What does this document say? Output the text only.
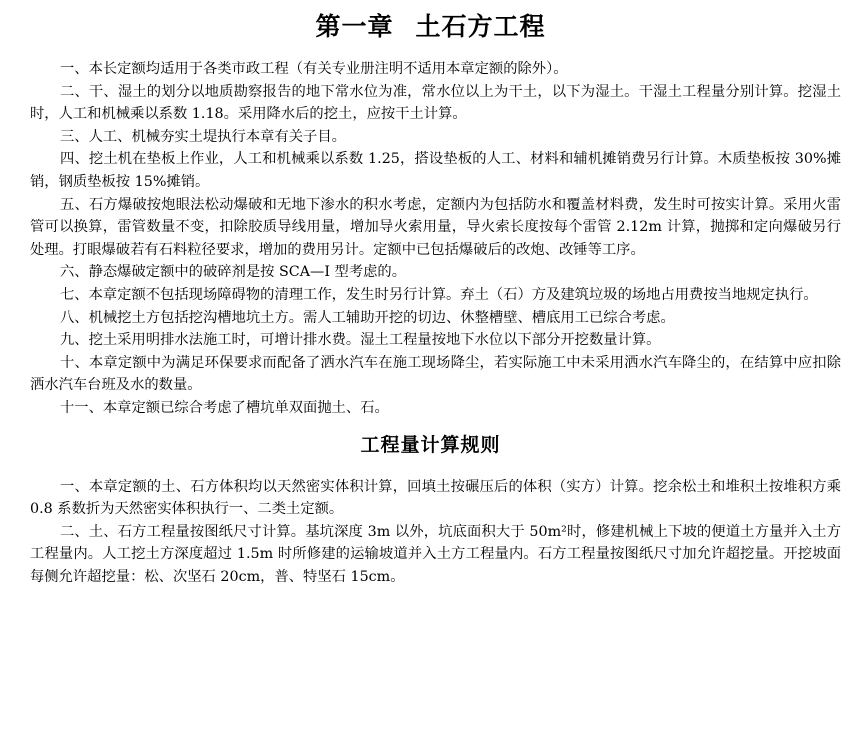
第一章 土石方工程

一、本长定额均适用于各类市政工程（有关专业册注明不适用本章定额的除外）。

二、干、湿土的划分以地质勘察报告的地下常水位为准，常水位以上为干土，以下为湿土。干湿土工程量分别计算。挖湿土时，人工和机械乘以系数 1.18。采用降水后的挖土，应按干土计算。

三、人工、机械夯实土堤执行本章有关子目。

四、挖土机在垫板上作业，人工和机械乘以系数 1.25，搭设垫板的人工、材料和辅机摊销费另行计算。木质垫板按 30%摊销，钢质垫板按 15%摊销。

五、石方爆破按炮眼法松动爆破和无地下渗水的积水考虑，定额内为包括防水和覆盖材料费，发生时可按实计算。采用火雷管可以换算，雷管数量不变，扣除胶质导线用量，增加导火索用量，导火索长度按每个雷管 2.12m 计算，抛掷和定向爆破另行处理。打眼爆破若有石料粒径要求，增加的费用另计。定额中已包括爆破后的改炮、改锤等工序。

六、静态爆破定额中的破碎剂是按 SCA—I 型考虑的。

七、本章定额不包括现场障碍物的清理工作，发生时另行计算。弃土（石）方及建筑垃圾的场地占用费按当地规定执行。

八、机械挖土方包括挖沟槽地坑土方。需人工辅助开挖的切边、休整槽壁、槽底用工已综合考虑。

九、挖土采用明排水法施工时，可增计排水费。湿土工程量按地下水位以下部分开挖数量计算。

十、本章定额中为满足环保要求而配备了洒水汽车在施工现场降尘，若实际施工中未采用洒水汽车降尘的，在结算中应扣除洒水汽车台班及水的数量。

十一、本章定额已综合考虑了槽坑单双面抛土、石。

工程量计算规则

一、本章定额的土、石方体积均以天然密实体积计算，回填土按碾压后的体积（实方）计算。挖余松土和堆积土按堆积方乘 0.8 系数折为天然密实体积执行一、二类土定额。

二、土、石方工程量按图纸尺寸计算。基坑深度 3m 以外，坑底面积大于 50m²时，修建机械上下坡的便道土方量并入土方工程量内。人工挖土方深度超过 1.5m 时所修建的运输坡道并入土方工程量内。石方工程量按图纸尺寸加允许超挖量。开挖坡面每侧允许超挖量：松、次坚石 20cm，普、特坚石 15cm。
